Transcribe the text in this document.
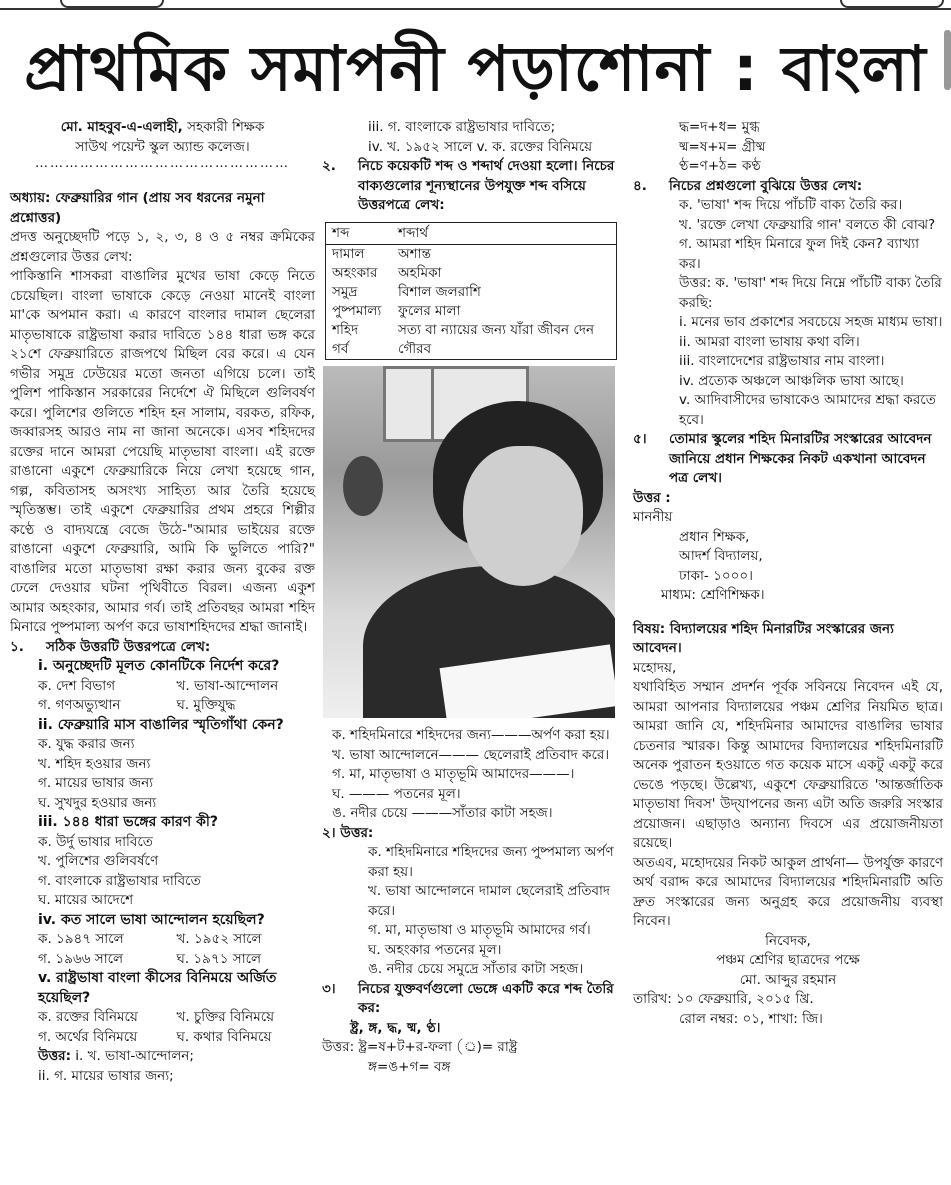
প্রাথমিক সমাপনী পড়াশোনা : বাংলা
মো. মাহবুব-এ-এলাহী, সহকারী শিক্ষক
সাউথ পয়েন্ট স্কুল অ্যান্ড কলেজ।
……………………………………………
অধ্যায়: ফেব্রুয়ারির গান (প্রায় সব ধরনের নমুনা প্রশ্নোত্তর)
প্রদত্ত অনুচ্ছেদটি পড়ে ১, ২, ৩, ৪ ও ৫ নম্বর ক্রমিকের প্রশ্নগুলোর উত্তর লেখ:
পাকিস্তানি শাসকরা বাঙালির মুখের ভাষা কেড়ে নিতে চেয়েছিল। বাংলা ভাষাকে কেড়ে নেওয়া মানেই বাংলা মা'কে অপমান করা। এ কারণে বাংলার দামাল ছেলেরা মাতৃভাষাকে রাষ্ট্রভাষা করার দাবিতে ১৪৪ ধারা ভঙ্গ করে ২১শে ফেব্রুয়ারিতে রাজপথে মিছিল বের করে। এ যেন গভীর সমুদ্র ঢেউয়ের মতো জনতা এগিয়ে চলে। তাই পুলিশ পাকিস্তান সরকারের নির্দেশে ঐ মিছিলে গুলিবর্ষণ করে। পুলিশের গুলিতে শহিদ হন সালাম, বরকত, রফিক, জব্বারসহ আরও নাম না জানা অনেকে। এসব শহিদদের রক্তের দানে আমরা পেয়েছি মাতৃভাষা বাংলা। এই রক্তে রাঙানো একুশে ফেব্রুয়ারিকে নিয়ে লেখা হয়েছে গান, গল্প, কবিতাসহ অসংখ্য সাহিত্য আর তৈরি হয়েছে স্মৃতিস্তম্ভ। তাই একুশে ফেব্রুয়ারির প্রথম প্রহরে শিল্পীর কণ্ঠে ও বাদ্যযন্ত্রে বেজে উঠে-"আমার ভাইয়ের রক্তে রাঙানো একুশে ফেব্রুয়ারি, আমি কি ভুলিতে পারি?" বাঙালির মতো মাতৃভাষা রক্ষা করার জন্য বুকের রক্ত ঢেলে দেওয়ার ঘটনা পৃথিবীতে বিরল। এজন্য একুশ আমার অহংকার, আমার গর্ব। তাই প্রতিবছর আমরা শহিদ মিনারে পুষ্পমাল্য অর্পণ করে ভাষাশহিদদের শ্রদ্ধা জানাই।
১.	সঠিক উত্তরটি উত্তরপত্রে লেখ:
i. অনুচ্ছেদটি মূলত কোনটিকে নির্দেশ করে?
ক. দেশ বিভাগ	খ. ভাষা-আন্দোলন
গ. গণঅভ্যুত্থান	ঘ. মুক্তিযুদ্ধ
ii. ফেব্রুয়ারি মাস বাঙালির স্মৃতিগাঁথা কেন?
ক. যুদ্ধ করার জন্য
খ. শহিদ হওয়ার জন্য
গ. মায়ের ভাষার জন্য
ঘ. সুখদুর হওয়ার জন্য
iii. ১৪৪ ধারা ভঙ্গের কারণ কী?
ক. উর্দু ভাষার দাবিতে
খ. পুলিশের গুলিবর্ষণে
গ. বাংলাকে রাষ্ট্রভাষার দাবিতে
ঘ. মায়ের আদেশে
iv. কত সালে ভাষা আন্দোলন হয়েছিল?
ক. ১৯৪৭ সালে	খ. ১৯৫২ সালে
গ. ১৯৬৬ সালে	ঘ. ১৯৭১ সালে
v. রাষ্ট্রভাষা বাংলা কীসের বিনিময়ে অর্জিত হয়েছিল?
ক. রক্তের বিনিময়ে	খ. চুক্তির বিনিময়ে
গ. অর্থের বিনিময়ে	ঘ. কথার বিনিময়ে
উত্তর: i. খ. ভাষা-আন্দোলন;
ii. গ. মায়ের ভাষার জন্য;
iii. গ. বাংলাকে রাষ্ট্রভাষার দাবিতে;
iv. খ. ১৯৫২ সালে v. ক. রক্তের বিনিময়ে
২.	নিচে কয়েকটি শব্দ ও শব্দার্থ দেওয়া হলো। নিচের বাক্যগুলোর শূন্যস্থানের উপযুক্ত শব্দ বসিয়ে উত্তরপত্রে লেখ:
শব্দ	শব্দার্থ
দামাল	অশান্ত
অহংকার	অহমিকা
সমুদ্র	বিশাল জলরাশি
পুষ্পমাল্য	ফুলের মালা
শহিদ	সত্য বা ন্যায়ের জন্য যাঁরা জীবন দেন
গর্ব	গৌরব
ক. শহিদমিনারে শহিদদের জন্য———অর্পণ করা হয়।
খ. ভাষা আন্দোলনে——— ছেলেরাই প্রতিবাদ করে।
গ. মা, মাতৃভাষা ও মাতৃভূমি আমাদের———।
ঘ. ——— পতনের মূল।
ঙ. নদীর চেয়ে ———সাঁতার কাটা সহজ।
২। উত্তর:
ক. শহিদমিনারে শহিদদের জন্য পুষ্পমাল্য অর্পণ করা হয়।
খ. ভাষা আন্দোলনে দামাল ছেলেরাই প্রতিবাদ করে।
গ. মা, মাতৃভাষা ও মাতৃভূমি আমাদের গর্ব।
ঘ. অহংকার পতনের মূল।
ঙ. নদীর চেয়ে সমুদ্রে সাঁতার কাটা সহজ।
৩।	নিচের যুক্তবর্ণগুলো ভেঙ্গে একটি করে শব্দ তৈরি কর:
ষ্ট্র, ঙ্গ, দ্ধ, ষ্ম, ণ্ঠ।
উত্তর: ষ্ট্র=ষ+ট+র-ফলা (্র)= রাষ্ট্র
ঙ্গ=ঙ+গ= বঙ্গ
দ্ধ=দ+ধ= মুগ্ধ
ষ্ম=ষ+ম= গ্রীষ্ম
ণ্ঠ=ণ+ঠ= কণ্ঠ
৪.	নিচের প্রশ্নগুলো বুঝিয়ে উত্তর লেখ:
ক. 'ভাষা' শব্দ দিয়ে পাঁচটি বাক্য তৈরি কর।
খ. 'রক্তে লেখা ফেব্রুয়ারি গান' বলতে কী বোঝ?
গ. আমরা শহিদ মিনারে ফুল দিই কেন? ব্যাখ্যা কর।
উত্তর: ক. 'ভাষা' শব্দ দিয়ে নিম্নে পাঁচটি বাক্য তৈরি করছি:
i. মনের ভাব প্রকাশের সবচেয়ে সহজ মাধ্যম ভাষা।
ii. আমরা বাংলা ভাষায় কথা বলি।
iii. বাংলাদেশের রাষ্ট্রভাষার নাম বাংলা।
iv. প্রত্যেক অঞ্চলে আঞ্চলিক ভাষা আছে।
v. আদিবাসীদের ভাষাকেও আমাদের শ্রদ্ধা করতে হবে।
৫।	তোমার স্কুলের শহিদ মিনারটির সংস্কারের আবেদন জানিয়ে প্রধান শিক্ষকের নিকট একখানা আবেদন পত্র লেখ।

উত্তর :

মাননীয়

প্রধান শিক্ষক,

আদর্শ বিদ্যালয়,

ঢাকা- ১০০০।

মাধ্যম: শ্রেণিশিক্ষক।

বিষয়: বিদ্যালয়ের শহিদ মিনারটির সংস্কারের জন্য আবেদন।

মহোদয়,

যথাবিহিত সম্মান প্রদর্শন পূর্বক সবিনয়ে নিবেদন এই যে, আমরা আপনার বিদ্যালয়ের পঞ্চম শ্রেণির নিয়মিত ছাত্র। আমরা জানি যে, শহিদমিনার আমাদের বাঙালির ভাষার চেতনার স্মারক। কিন্তু আমাদের বিদ্যালয়ের শহিদমিনারটি অনেক পুরাতন হওয়াতে গত কয়েক মাসে একটু একটু করে ভেঙে পড়ছে। উল্লেখ্য, একুশে ফেব্রুয়ারিতে 'আন্তর্জাতিক মাতৃভাষা দিবস' উদ্‌যাপনের জন্য এটা অতি জরুরি সংস্কার প্রয়োজন। এছাড়াও অন্যান্য দিবসে এর প্রয়োজনীয়তা রয়েছে।

অতএব, মহোদয়ের নিকট আকুল প্রার্থনা— উপর্যুক্ত কারণে অর্থ বরাদ্দ করে আমাদের বিদ্যালয়ের শহিদমিনারটি অতি দ্রুত সংস্কারের জন্য অনুগ্রহ করে প্রয়োজনীয় ব্যবস্থা নিবেন।

নিবেদক,

পঞ্চম শ্রেণির ছাত্রদের পক্ষে

মো. আব্দুর রহমান

তারিখ: ১০ ফেব্রুয়ারি, ২০১৫ খ্রি.

রোল নম্বর: ০১, শাখা: জি।
